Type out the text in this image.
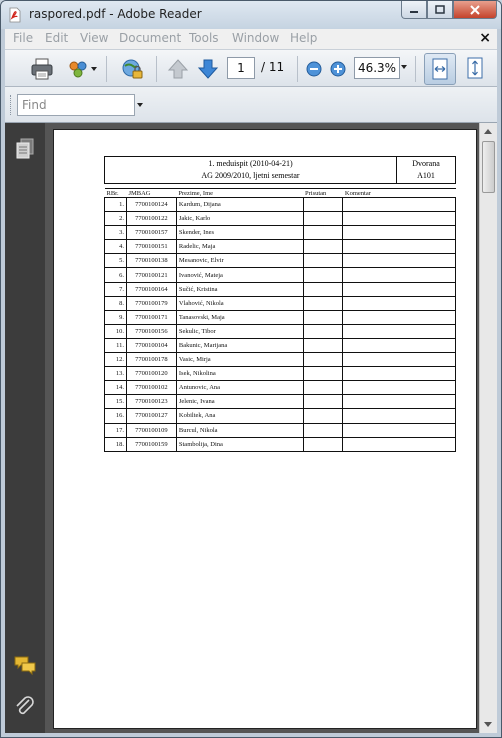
raspored.pdf - Adobe Reader
File Edit View Document Tools Window Help	×
1	/ 11	46.3%
Find
1. meduispit (2010-04-21)
AG 2009/2010, ljetni semestar
Dvorana
A101
RBr.	JMBAG	Prezime, Ime	Prisutan	Komentar
1.	7700100124	Kardum, Dijana		
2.	7700100122	Jakic, Karlo		
3.	7700100157	Skender, Ines		
4.	7700100151	Radelic, Maja		
5.	7700100138	Mesanovic, Elvir		
6.	7700100121	Ivanović, Mateja		
7.	7700100164	Sučić, Kristina		
8.	7700100179	Vlahović, Nikola		
9.	7700100171	Tanasovski, Maja		
10.	7700100156	Sekulic, Tibor		
11.	7700100104	Bakunic, Marijana		
12.	7700100178	Vasic, Mirja		
13.	7700100120	Isek, Nikolina		
14.	7700100102	Antunovic, Ana		
15.	7700100123	Jelenic, Ivana		
16.	7700100127	Kobiltek, Ana		
17.	7700100109	Burcul, Nikola		
18.	7700100159	Stambolija, Dina		
